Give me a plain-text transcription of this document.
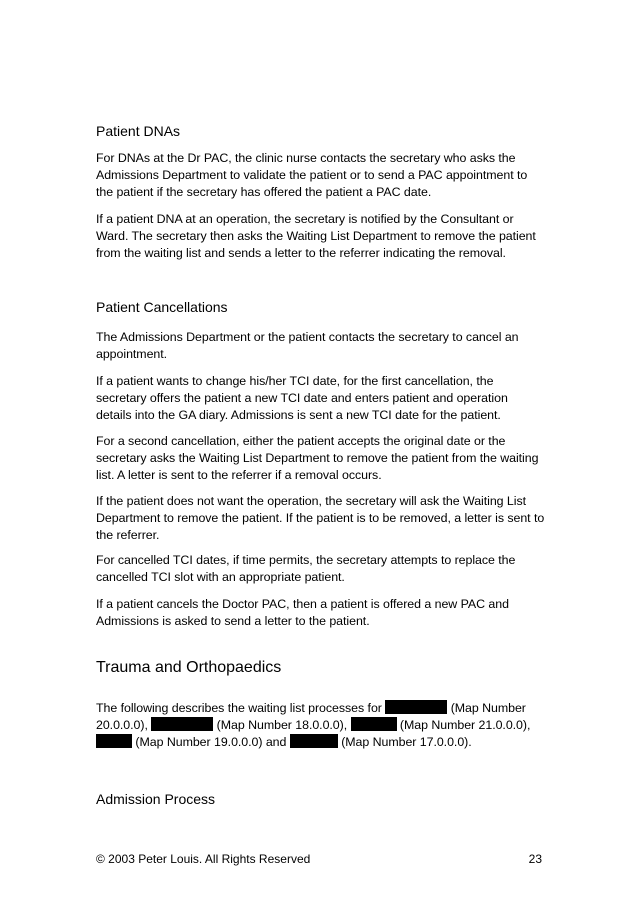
Patient DNAs

For DNAs at the Dr PAC, the clinic nurse contacts the secretary who asks the Admissions Department to validate the patient or to send a PAC appointment to the patient if the secretary has offered the patient a PAC date.

If a patient DNA at an operation, the secretary is notified by the Consultant or Ward. The secretary then asks the Waiting List Department to remove the patient from the waiting list and sends a letter to the referrer indicating the removal.

Patient Cancellations

The Admissions Department or the patient contacts the secretary to cancel an appointment.

If a patient wants to change his/her TCI date, for the first cancellation, the secretary offers the patient a new TCI date and enters patient and operation details into the GA diary. Admissions is sent a new TCI date for the patient.

For a second cancellation, either the patient accepts the original date or the secretary asks the Waiting List Department to remove the patient from the waiting list. A letter is sent to the referrer if a removal occurs.

If the patient does not want the operation, the secretary will ask the Waiting List Department to remove the patient. If the patient is to be removed, a letter is sent to the referrer.

For cancelled TCI dates, if time permits, the secretary attempts to replace the cancelled TCI slot with an appropriate patient.

If a patient cancels the Doctor PAC, then a patient is offered a new PAC and Admissions is asked to send a letter to the patient.

Trauma and Orthopaedics

The following describes the waiting list processes for	(Map Number 20.0.0.0),	(Map Number 18.0.0.0),	(Map Number 21.0.0.0),  (Map Number 19.0.0.0) and	(Map Number 17.0.0.0).

Admission Process

© 2003 Peter Louis. All Rights Reserved	23
